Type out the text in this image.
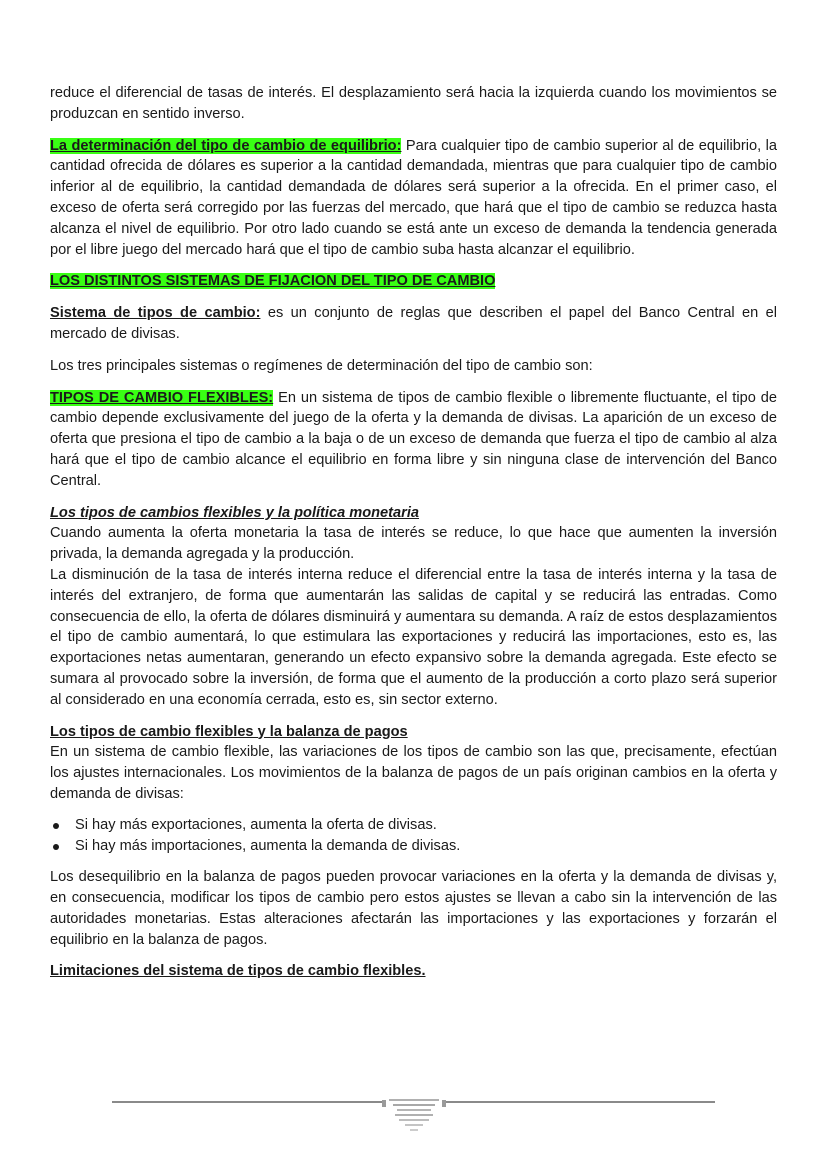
reduce el diferencial de tasas de interés. El desplazamiento será hacia la izquierda cuando los movimientos se produzcan en sentido inverso.

La determinación del tipo de cambio de equilibrio: Para cualquier tipo de cambio superior al de equilibrio, la cantidad ofrecida de dólares es superior a la cantidad demandada, mientras que para cualquier tipo de cambio inferior al de equilibrio, la cantidad demandada de dólares será superior a la ofrecida. En el primer caso, el exceso de oferta será corregido por las fuerzas del mercado, que hará que el tipo de cambio se reduzca hasta alcanza el nivel de equilibrio. Por otro lado cuando se está ante un exceso de demanda la tendencia generada por el libre juego del mercado hará que el tipo de cambio suba hasta alcanzar el equilibrio.

LOS DISTINTOS SISTEMAS DE FIJACION DEL TIPO DE CAMBIO

Sistema de tipos de cambio: es un conjunto de reglas que describen el papel del Banco Central en el mercado de divisas.

Los tres principales sistemas o regímenes de determinación del tipo de cambio son:

TIPOS DE CAMBIO FLEXIBLES: En un sistema de tipos de cambio flexible o libremente fluctuante, el tipo de cambio depende exclusivamente del juego de la oferta y la demanda de divisas. La aparición de un exceso de oferta que presiona el tipo de cambio a la baja o de un exceso de demanda que fuerza el tipo de cambio al alza hará que el tipo de cambio alcance el equilibrio en forma libre y sin ninguna clase de intervención del Banco Central.

Los tipos de cambios flexibles y la política monetaria

Cuando aumenta la oferta monetaria la tasa de interés se reduce, lo que hace que aumenten la inversión privada, la demanda agregada y la producción.

La disminución de la tasa de interés interna reduce el diferencial entre la tasa de interés interna y la tasa de interés del extranjero, de forma que aumentarán las salidas de capital y se reducirá las entradas. Como consecuencia de ello, la oferta de dólares disminuirá y aumentara su demanda. A raíz de estos desplazamientos el tipo de cambio aumentará, lo que estimulara las exportaciones y reducirá las importaciones, esto es, las exportaciones netas aumentaran, generando un efecto expansivo sobre la demanda agregada. Este efecto se sumara al provocado sobre la inversión, de forma que el aumento de la producción a corto plazo será superior al considerado en una economía cerrada, esto es, sin sector externo.

Los tipos de cambio flexibles y la balanza de pagos

En un sistema de cambio flexible, las variaciones de los tipos de cambio son las que, precisamente, efectúan los ajustes internacionales. Los movimientos de la balanza de pagos de un país originan cambios en la oferta y demanda de divisas:

Si hay más exportaciones, aumenta la oferta de divisas.
Si hay más importaciones, aumenta la demanda de divisas.

Los desequilibrio en la balanza de pagos pueden provocar variaciones en la oferta y la demanda de divisas y, en consecuencia, modificar los tipos de cambio pero estos ajustes se llevan a cabo sin la intervención de las autoridades monetarias. Estas alteraciones afectarán las importaciones y las exportaciones y forzarán el equilibrio en la balanza de pagos.

Limitaciones del sistema de tipos de cambio flexibles.
